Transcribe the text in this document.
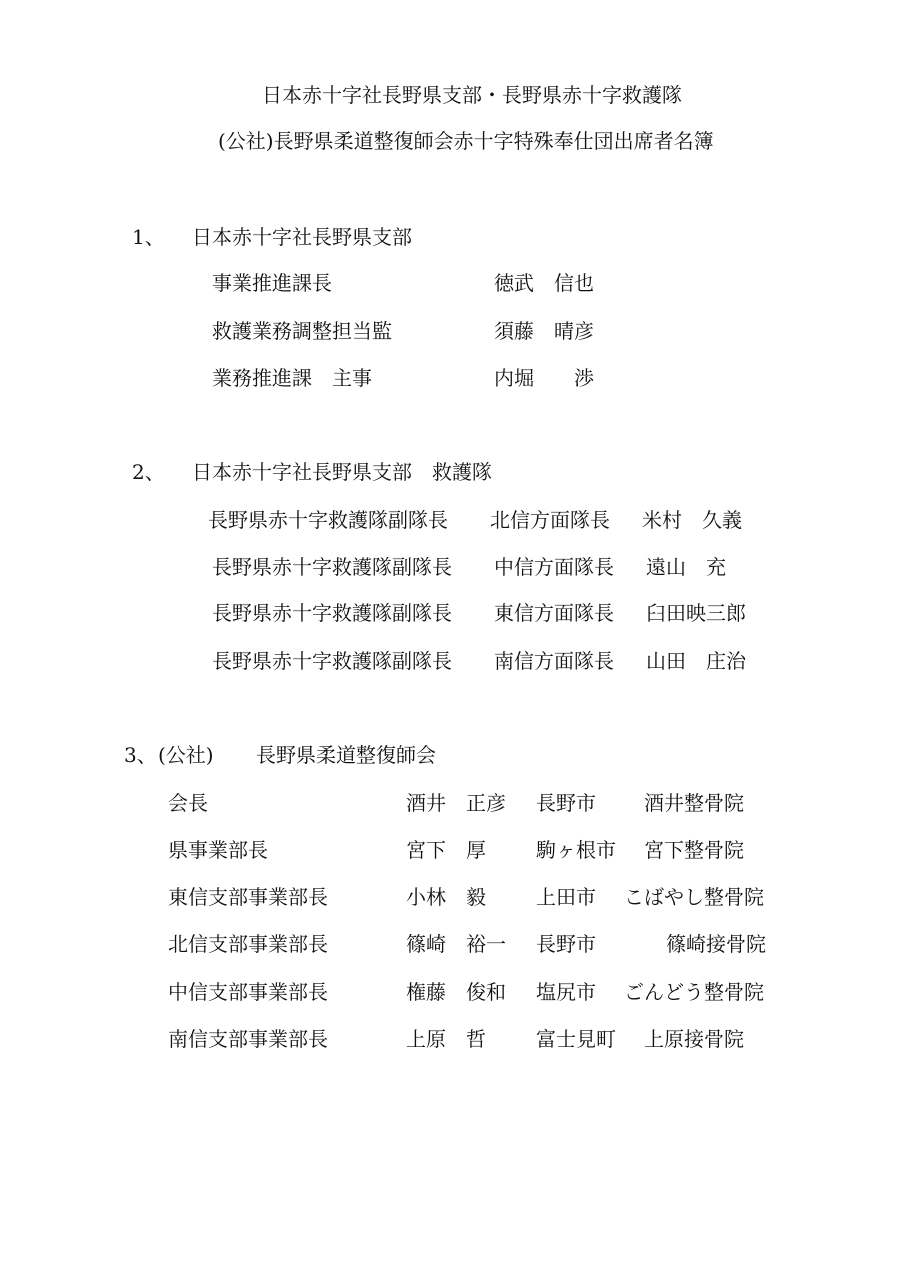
日本赤十字社長野県支部・長野県赤十字救護隊
(公社)長野県柔道整復師会赤十字特殊奉仕団出席者名簿
1、 日本赤十字社長野県支部
事業推進課長	徳武　信也
救護業務調整担当監	須藤　晴彦
業務推進課　主事	内堀　　渉
2、 日本赤十字社長野県支部　救護隊
長野県赤十字救護隊副隊長 北信方面隊長 米村　久義
長野県赤十字救護隊副隊長 中信方面隊長 遠山　充
長野県赤十字救護隊副隊長 東信方面隊長 臼田映三郎
長野県赤十字救護隊副隊長 南信方面隊長 山田　庄治
3、 (公社) 長野県柔道整復師会
会長	酒井　正彦 長野市 酒井整骨院
県事業部長	宮下　厚	駒ヶ根市 宮下整骨院
東信支部事業部長	小林　毅	上田市 こばやし整骨院
北信支部事業部長	篠崎　裕一 長野市	篠崎接骨院
中信支部事業部長	権藤　俊和 塩尻市 ごんどう整骨院
南信支部事業部長	上原　哲	富士見町 上原接骨院
